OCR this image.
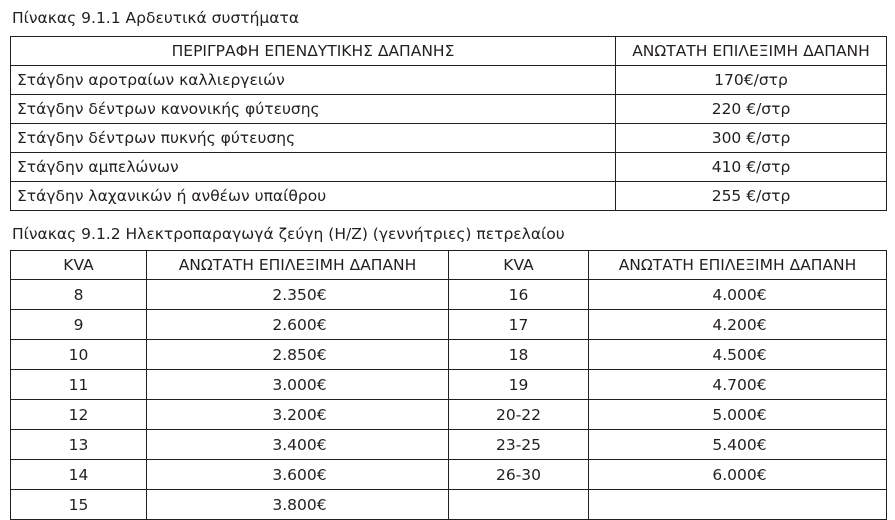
Πίνακας 9.1.1 Αρδευτικά συστήματα
ΠΕΡΙΓΡΑΦΗ ΕΠΕΝΔΥΤΙΚΗΣ ΔΑΠΑΝΗΣ	ΑΝΩΤΑΤΗ ΕΠΙΛΕΞΙΜΗ ΔΑΠΑΝΗ
Στάγδην αροτραίων καλλιεργειών	170€/στρ
Στάγδην δέντρων κανονικής φύτευσης	220 €/στρ
Στάγδην δέντρων πυκνής φύτευσης	300 €/στρ
Στάγδην αμπελώνων	410 €/στρ
Στάγδην λαχανικών ή ανθέων υπαίθρου	255 €/στρ
Πίνακας 9.1.2 Ηλεκτροπαραγωγά ζεύγη (Η/Ζ) (γεννήτριες) πετρελαίου
KVA	ΑΝΩΤΑΤΗ ΕΠΙΛΕΞΙΜΗ ΔΑΠΑΝΗ	KVA	ΑΝΩΤΑΤΗ ΕΠΙΛΕΞΙΜΗ ΔΑΠΑΝΗ
8	2.350€	16	4.000€
9	2.600€	17	4.200€
10	2.850€	18	4.500€
11	3.000€	19	4.700€
12	3.200€	20-22	5.000€
13	3.400€	23-25	5.400€
14	3.600€	26-30	6.000€
15	3.800€		
